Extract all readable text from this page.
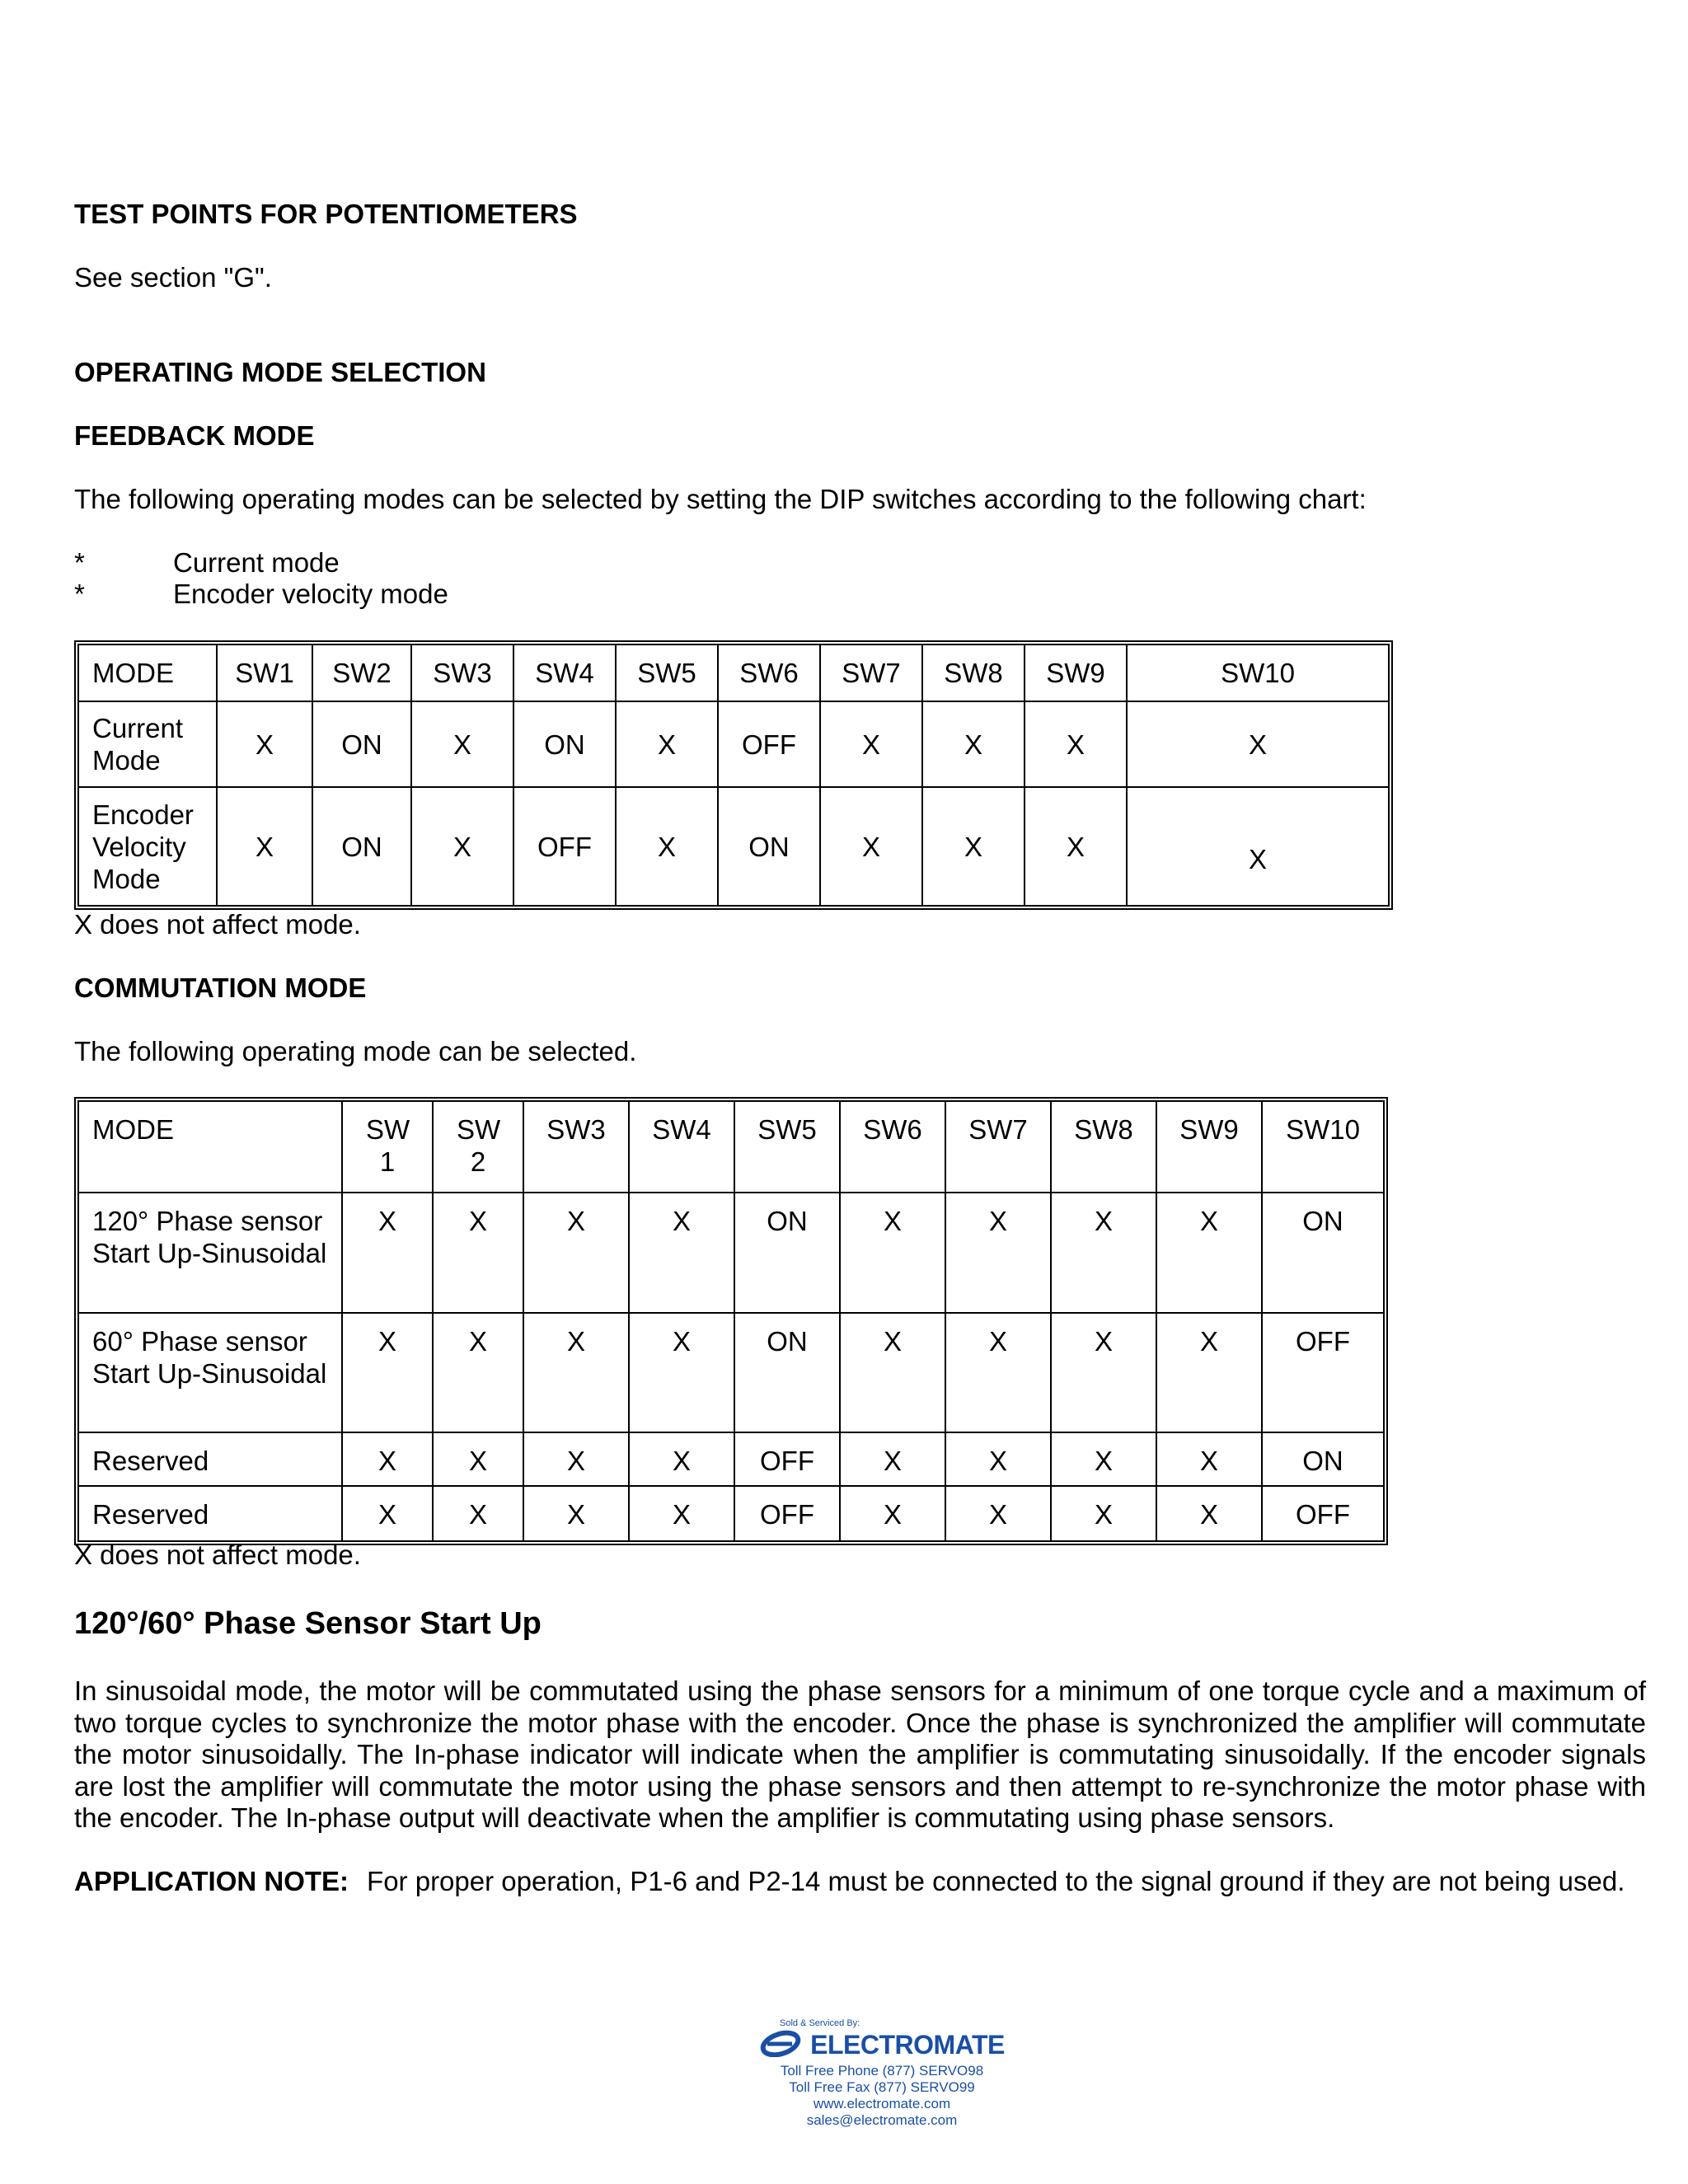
TEST POINTS FOR POTENTIOMETERS
See section "G".
OPERATING MODE SELECTION
FEEDBACK MODE
The following operating modes can be selected by setting the DIP switches according to the following chart:
*	Current mode
*	Encoder velocity mode
MODE	SW1	SW2	SW3	SW4	SW5	SW6	SW7	SW8	SW9	SW10
Current Mode	X	ON	X	ON	X	OFF	X	X	X	X
Encoder Velocity Mode	X	ON	X	OFF	X	ON	X	X	X	X
X does not affect mode.
COMMUTATION MODE
The following operating mode can be selected.
MODE	SW 1	SW 2	SW3	SW4	SW5	SW6	SW7	SW8	SW9	SW10
120° Phase sensor Start Up-Sinusoidal	X	X	X	X	ON	X	X	X	X	ON
60° Phase sensor Start Up-Sinusoidal	X	X	X	X	ON	X	X	X	X	OFF
Reserved	X	X	X	X	OFF	X	X	X	X	ON
Reserved	X	X	X	X	OFF	X	X	X	X	OFF
X does not affect mode.
120°/60° Phase Sensor Start Up
In sinusoidal mode, the motor will be commutated using the phase sensors for a minimum of one torque cycle and a maximum of two torque cycles to synchronize the motor phase with the encoder. Once the phase is synchronized the amplifier will commutate the motor sinusoidally. The In-phase indicator will indicate when the amplifier is commutating sinusoidally. If the encoder signals are lost the amplifier will commutate the motor using the phase sensors and then attempt to re-synchronize the motor phase with the encoder. The In-phase output will deactivate when the amplifier is commutating using phase sensors.
APPLICATION NOTE: For proper operation, P1-6 and P2-14 must be connected to the signal ground if they are not being used.
Sold & Serviced By:
ELECTROMATE
Toll Free Phone (877) SERVO98
Toll Free Fax (877) SERVO99
www.electromate.com
sales@electromate.com
